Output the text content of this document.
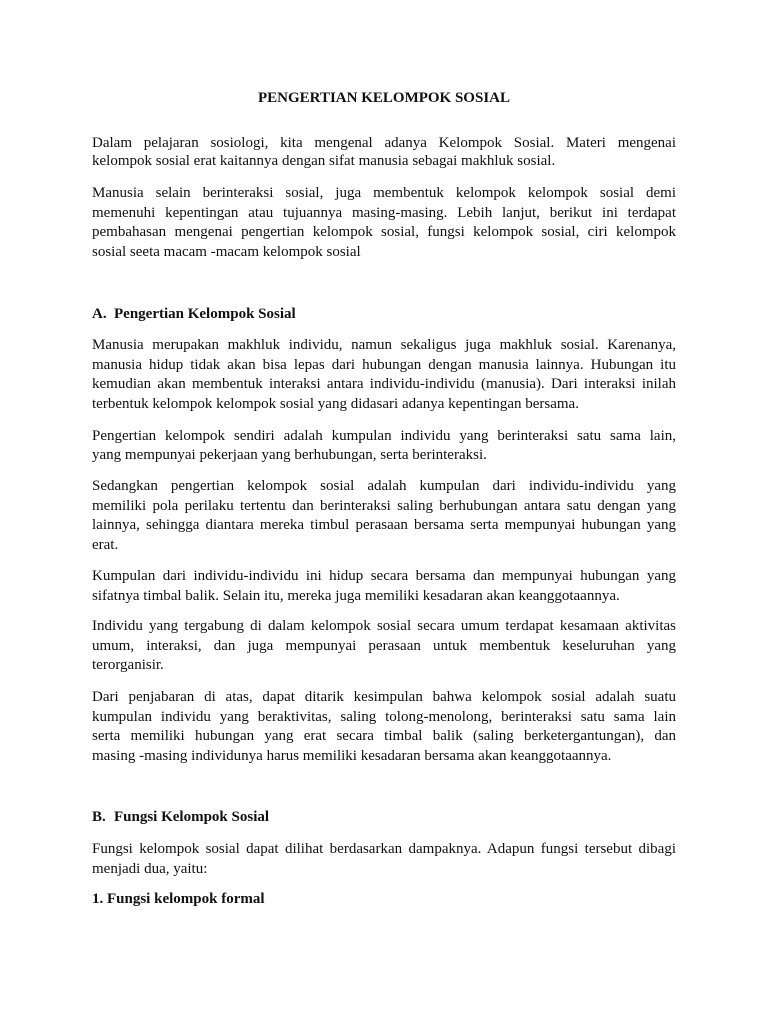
PENGERTIAN KELOMPOK SOSIAL
Dalam pelajaran sosiologi, kita mengenal adanya Kelompok Sosial. Materi mengenai
kelompok sosial erat kaitannya dengan sifat manusia sebagai makhluk sosial.
Manusia selain berinteraksi sosial, juga membentuk kelompok kelompok sosial demi
memenuhi kepentingan atau tujuannya masing-masing. Lebih lanjut, berikut ini terdapat
pembahasan mengenai pengertian kelompok sosial, fungsi kelompok sosial, ciri kelompok
sosial seeta macam -macam kelompok sosial
A. Pengertian Kelompok Sosial
Manusia merupakan makhluk individu, namun sekaligus juga makhluk sosial. Karenanya,
manusia hidup tidak akan bisa lepas dari hubungan dengan manusia lainnya. Hubungan itu
kemudian akan membentuk interaksi antara individu-individu (manusia). Dari interaksi inilah
terbentuk kelompok kelompok sosial yang didasari adanya kepentingan bersama.
Pengertian kelompok sendiri adalah kumpulan individu yang berinteraksi satu sama lain,
yang mempunyai pekerjaan yang berhubungan, serta berinteraksi.
Sedangkan pengertian kelompok sosial adalah kumpulan dari individu-individu yang
memiliki pola perilaku tertentu dan berinteraksi saling berhubungan antara satu dengan yang
lainnya, sehingga diantara mereka timbul perasaan bersama serta mempunyai hubungan yang
erat.
Kumpulan dari individu-individu ini hidup secara bersama dan mempunyai hubungan yang
sifatnya timbal balik. Selain itu, mereka juga memiliki kesadaran akan keanggotaannya.
Individu yang tergabung di dalam kelompok sosial secara umum terdapat kesamaan aktivitas
umum, interaksi, dan juga mempunyai perasaan untuk membentuk keseluruhan yang
terorganisir.
Dari penjabaran di atas, dapat ditarik kesimpulan bahwa kelompok sosial adalah suatu
kumpulan individu yang beraktivitas, saling tolong-menolong, berinteraksi satu sama lain
serta memiliki hubungan yang erat secara timbal balik (saling berketergantungan), dan
masing -masing individunya harus memiliki kesadaran bersama akan keanggotaannya.
B. Fungsi Kelompok Sosial
Fungsi kelompok sosial dapat dilihat berdasarkan dampaknya. Adapun fungsi tersebut dibagi
menjadi dua, yaitu:
1. Fungsi kelompok formal
